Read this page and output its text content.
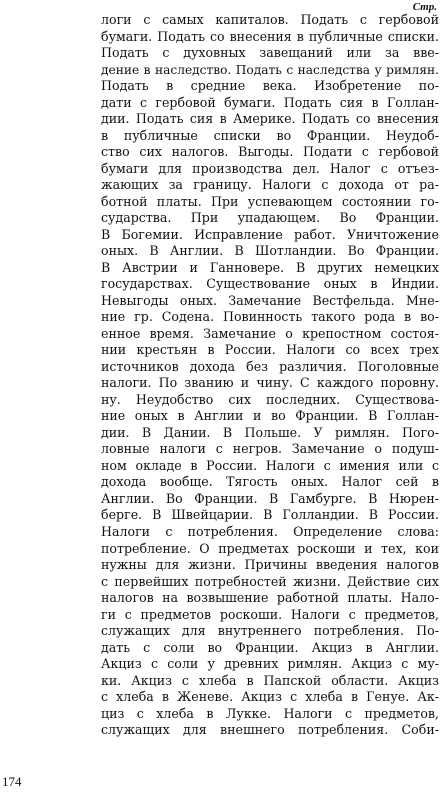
Стр.
логи с самых капиталов. Подать с гербовой
бумаги. Подать со внесения в публичные списки.
Подать с духовных завещаний или за вве-
дение в наследство. Подать с наследства у римлян.
Подать в средние века. Изобретение по-
дати с гербовой бумаги. Подать сия в Голлан-
дии. Подать сия в Америке. Подать со внесения
в публичные списки во Франции. Неудоб-
ство сих налогов. Выгоды. Подати с гербовой
бумаги для производства дел. Налог с отъез-
жающих за границу. Налоги с дохода от ра-
ботной платы. При успевающем состоянии го-
сударства. При упадающем. Во Франции.
В Богемии. Исправление работ. Уничтожение
оных. В Англии. В Шотландии. Во Франции.
В Австрии и Ганновере. В других немецких
государствах. Существование оных в Индии.
Невыгоды оных. Замечание Вестфельда. Мне-
ние гр. Содена. Повинность такого рода в во-
енное время. Замечание о крепостном состоя-
нии крестьян в России. Налоги со всех трех
источников дохода без различия. Поголовные
налоги. По званию и чину. С каждого поровну.
ну. Неудобство сих последних. Существова-
ние оных в Англии и во Франции. В Голлан-
дии. В Дании. В Польше. У римлян. Пого-
ловные налоги с негров. Замечание о подуш-
ном окладе в России. Налоги с имения или с
дохода вообще. Тягость оных. Налог сей в
Англии. Во Франции. В Гамбурге. В Нюрен-
берге. В Швейцарии. В Голландии. В России.
Налоги с потребления. Определение слова:
потребление. О предметах роскоши и тех, кои
нужны для жизни. Причины введения налогов
с первейших потребностей жизни. Действие сих
налогов на возвышение работной платы. Нало-
ги с предметов роскоши. Налоги с предметов,
служащих для внутреннего потребления. По-
дать с соли во Франции. Акциз в Англии.
Акциз с соли у древних римлян. Акциз с му-
ки. Акциз с хлеба в Папской области. Акциз
с хлеба в Женеве. Акциз с хлеба в Генуе. Ак-
циз с хлеба в Лукке. Налоги с предметов,
служащих для внешнего потребления. Соби-
174
